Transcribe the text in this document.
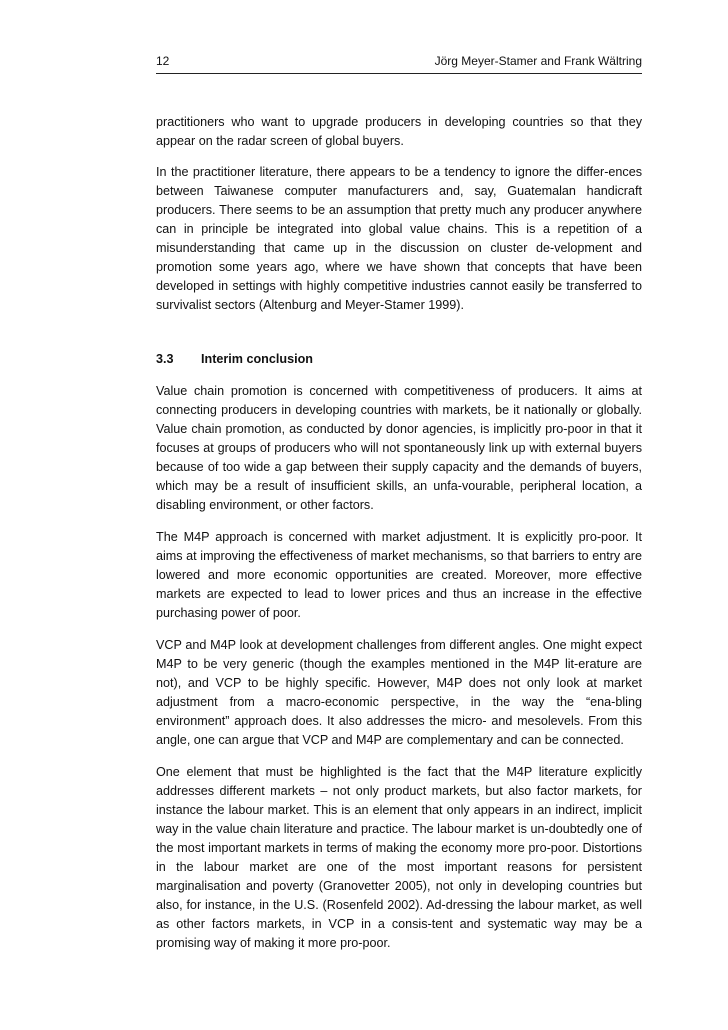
12	Jörg Meyer-Stamer and Frank Wältring

practitioners who want to upgrade producers in developing countries so that they appear on the radar screen of global buyers.

In the practitioner literature, there appears to be a tendency to ignore the differ-ences between Taiwanese computer manufacturers and, say, Guatemalan handicraft producers. There seems to be an assumption that pretty much any producer anywhere can in principle be integrated into global value chains. This is a repetition of a misunderstanding that came up in the discussion on cluster de-velopment and promotion some years ago, where we have shown that concepts that have been developed in settings with highly competitive industries cannot easily be transferred to survivalist sectors (Altenburg and Meyer-Stamer 1999).

3.3 Interim conclusion

Value chain promotion is concerned with competitiveness of producers. It aims at connecting producers in developing countries with markets, be it nationally or globally. Value chain promotion, as conducted by donor agencies, is implicitly pro-poor in that it focuses at groups of producers who will not spontaneously link up with external buyers because of too wide a gap between their supply capacity and the demands of buyers, which may be a result of insufficient skills, an unfa-vourable, peripheral location, a disabling environment, or other factors.

The M4P approach is concerned with market adjustment. It is explicitly pro-poor. It aims at improving the effectiveness of market mechanisms, so that barriers to entry are lowered and more economic opportunities are created. Moreover, more effective markets are expected to lead to lower prices and thus an increase in the effective purchasing power of poor.

VCP and M4P look at development challenges from different angles. One might expect M4P to be very generic (though the examples mentioned in the M4P lit-erature are not), and VCP to be highly specific. However, M4P does not only look at market adjustment from a macro-economic perspective, in the way the “ena-bling environment” approach does. It also addresses the micro- and mesolevels. From this angle, one can argue that VCP and M4P are complementary and can be connected.

One element that must be highlighted is the fact that the M4P literature explicitly addresses different markets – not only product markets, but also factor markets, for instance the labour market. This is an element that only appears in an indirect, implicit way in the value chain literature and practice. The labour market is un-doubtedly one of the most important markets in terms of making the economy more pro-poor. Distortions in the labour market are one of the most important reasons for persistent marginalisation and poverty (Granovetter 2005), not only in developing countries but also, for instance, in the U.S. (Rosenfeld 2002). Ad-dressing the labour market, as well as other factors markets, in VCP in a consis-tent and systematic way may be a promising way of making it more pro-poor.
